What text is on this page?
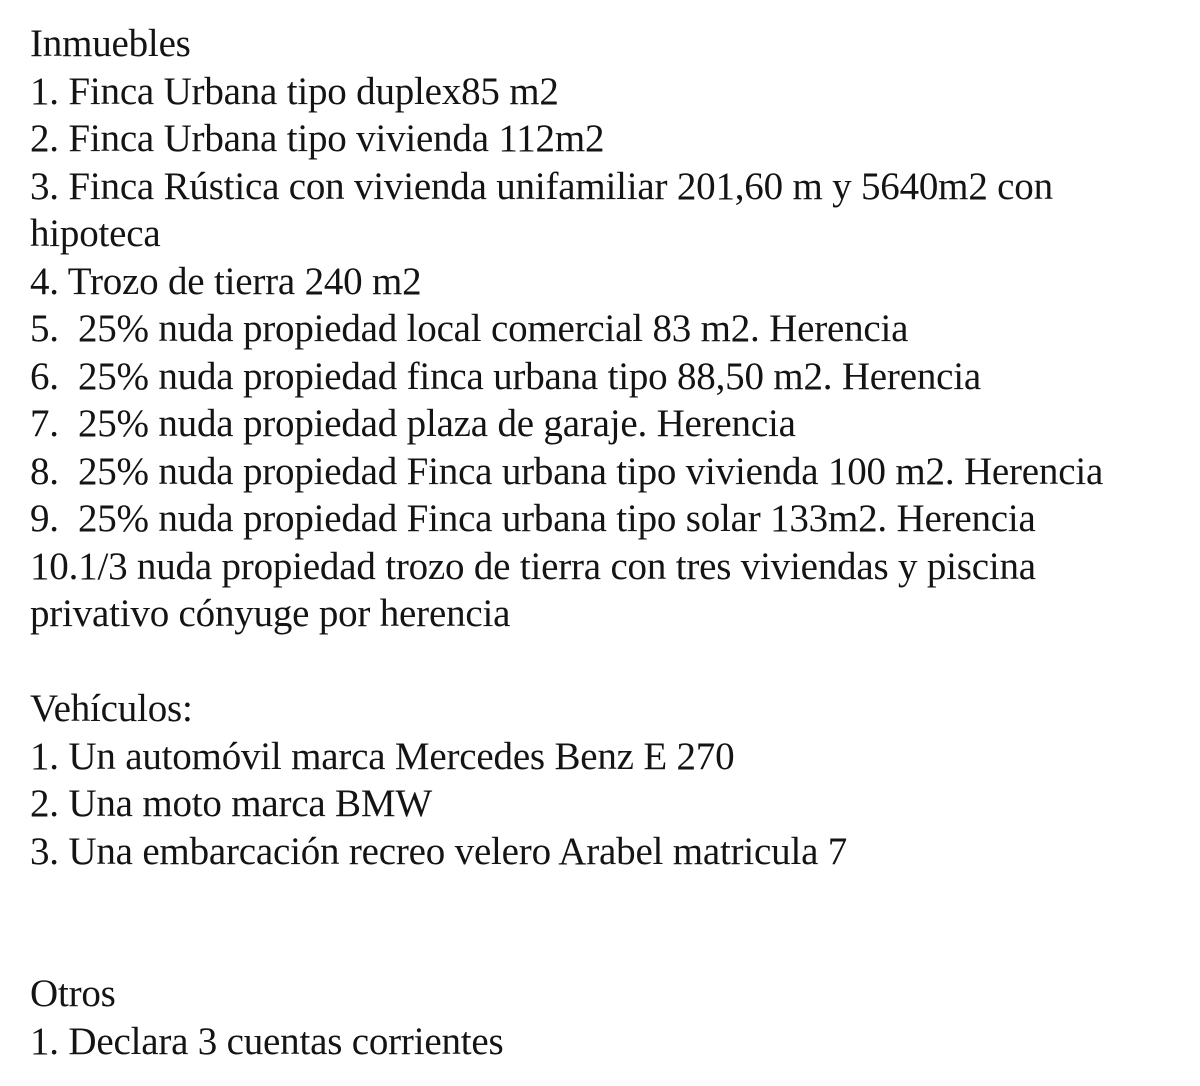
Inmuebles

1. Finca Urbana tipo duplex85 m2

2. Finca Urbana tipo vivienda 112m2

3. Finca Rústica con vivienda unifamiliar 201,60 m y 5640m2 con hipoteca

4. Trozo de tierra 240 m2

5.  25% nuda propiedad local comercial 83 m2. Herencia

6.  25% nuda propiedad finca urbana tipo 88,50 m2. Herencia

7.  25% nuda propiedad plaza de garaje. Herencia

8.  25% nuda propiedad Finca urbana tipo vivienda 100 m2. Herencia

9.  25% nuda propiedad Finca urbana tipo solar 133m2. Herencia

10.1/3 nuda propiedad trozo de tierra con tres viviendas y piscina

privativo cónyuge por herencia

Vehículos:

1. Un automóvil marca Mercedes Benz E 270

2. Una moto marca BMW

3. Una embarcación recreo velero Arabel matricula 7

Otros

1. Declara 3 cuentas corrientes
